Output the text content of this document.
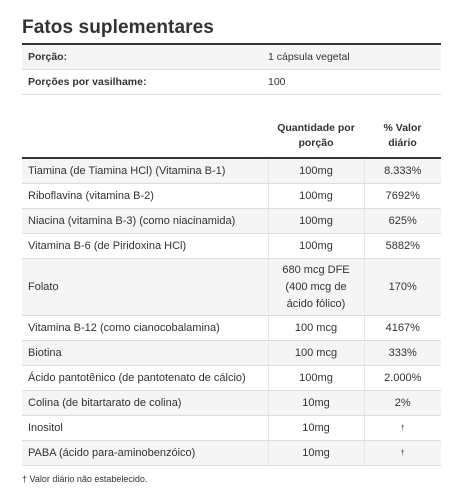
Fatos suplementares
Porção:	1 cápsula vegetal
Porções por vasilhame:	100
	Quantidade por porção	% Valor diário
Tiamina (de Tiamina HCl) (Vitamina B-1)	100mg	8.333%
Riboflavina (vitamina B-2)	100mg	7692%
Niacina (vitamina B-3) (como niacinamida)	100mg	625%
Vitamina B-6 (de Piridoxina HCl)	100mg	5882%
Folato	680 mcg DFE (400 mcg de ácido fólico)	170%
Vitamina B-12 (como cianocobalamina)	100 mcg	4167%
Biotina	100 mcg	333%
Ácido pantotênico (de pantotenato de cálcio)	100mg	2.000%
Colina (de bitartarato de colina)	10mg	2%
Inositol	10mg	†
PABA (ácido para-aminobenzóico)	10mg	†
† Valor diário não estabelecido.
